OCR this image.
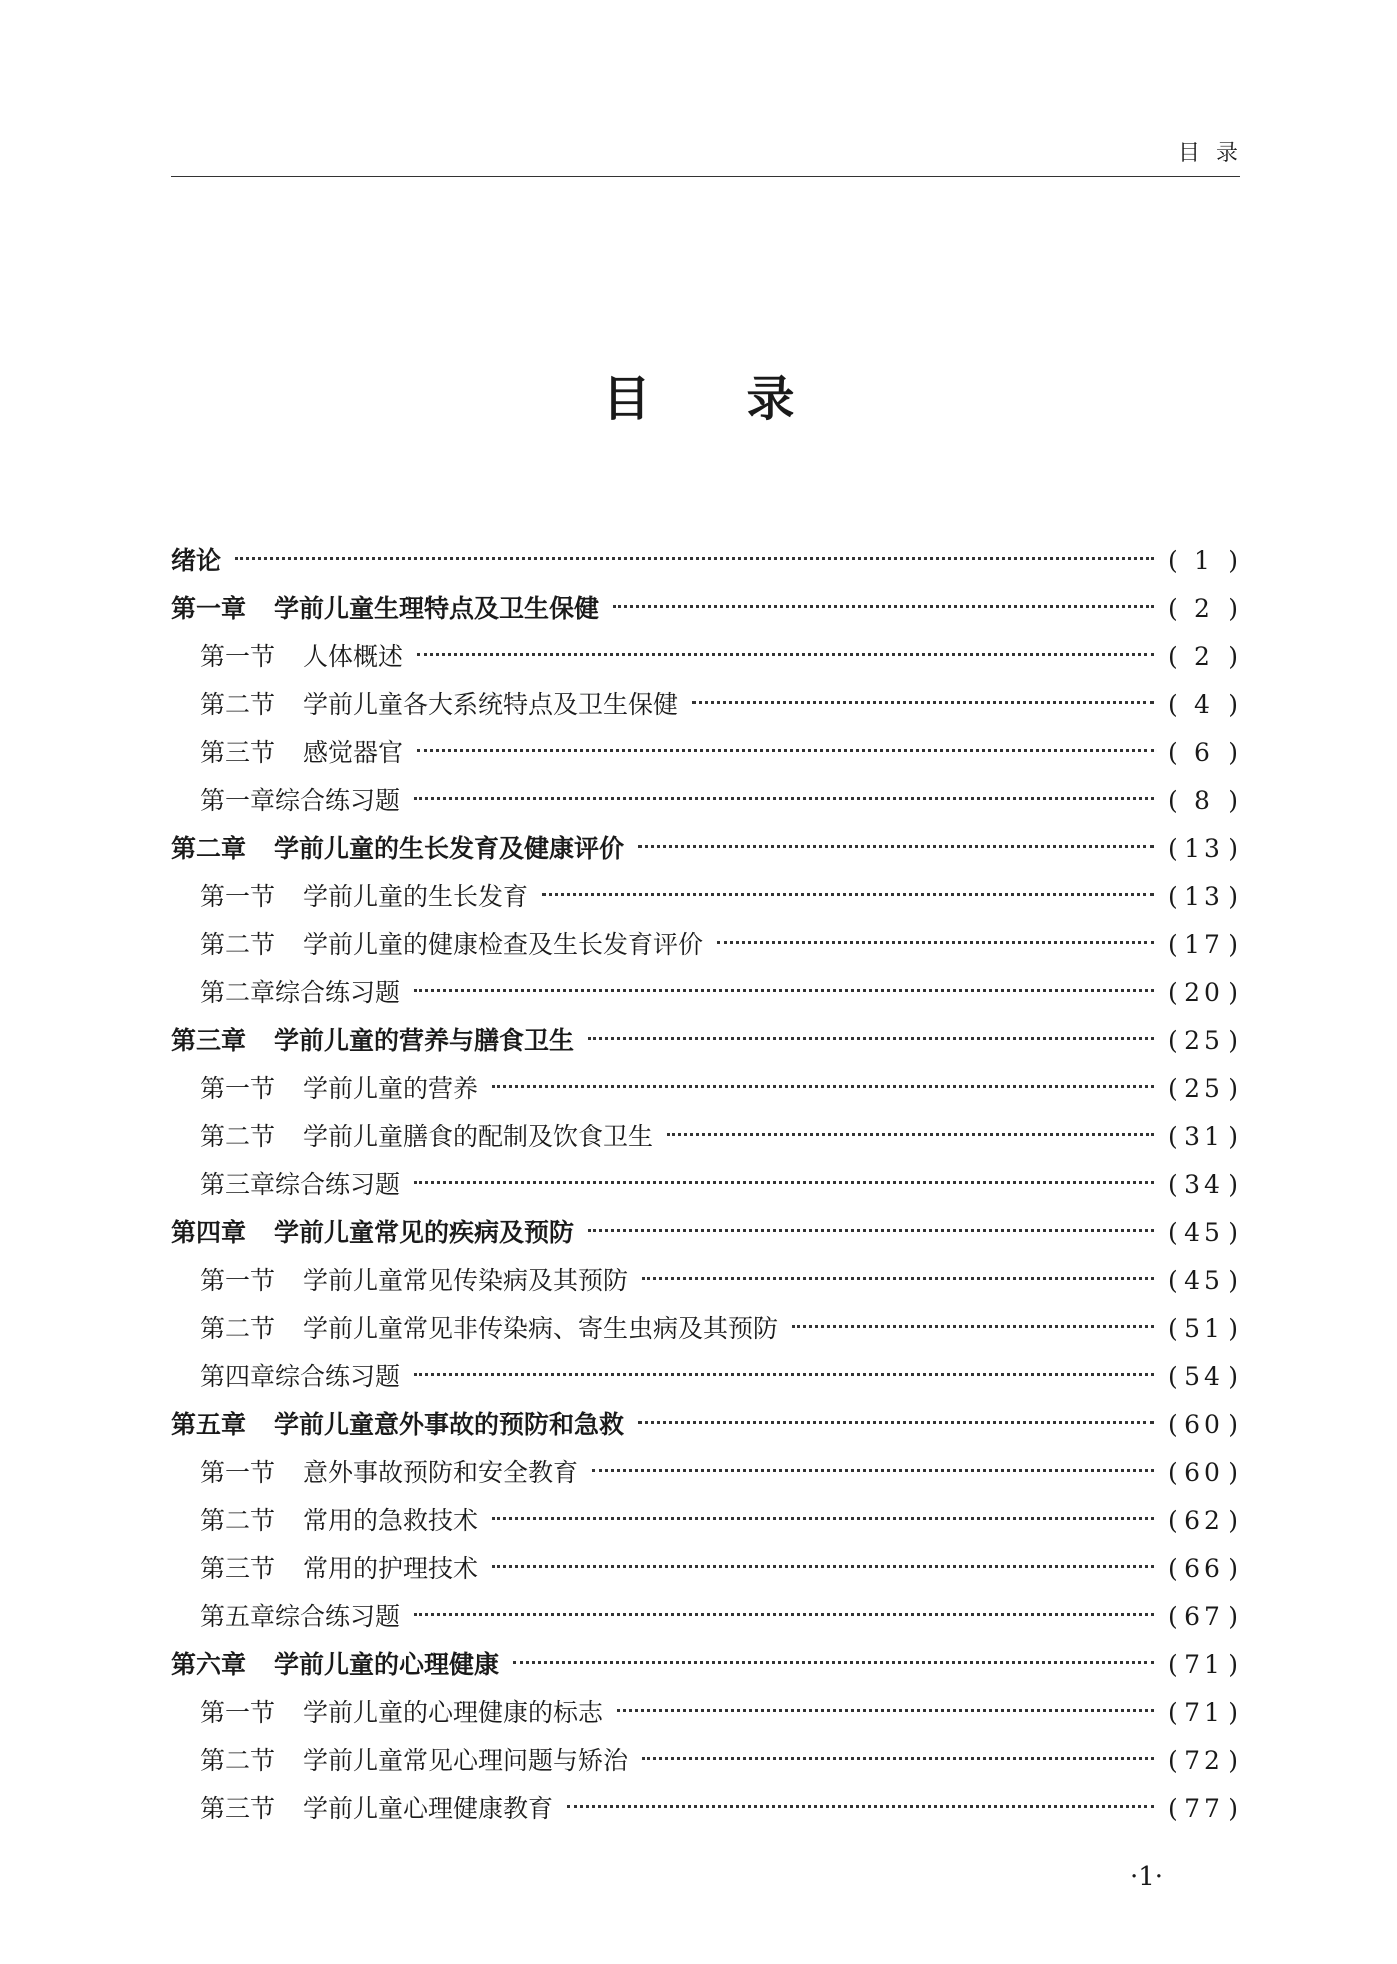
目录
目录
绪论	( 1 )
第一章 学前儿童生理特点及卫生保健	( 2 )
第一节 人体概述	( 2 )
第二节 学前儿童各大系统特点及卫生保健	( 4 )
第三节 感觉器官	( 6 )
第一章综合练习题	( 8 )
第二章 学前儿童的生长发育及健康评价	( 13 )
第一节 学前儿童的生长发育	( 13 )
第二节 学前儿童的健康检查及生长发育评价	( 17 )
第二章综合练习题	( 20 )
第三章 学前儿童的营养与膳食卫生	( 25 )
第一节 学前儿童的营养	( 25 )
第二节 学前儿童膳食的配制及饮食卫生	( 31 )
第三章综合练习题	( 34 )
第四章 学前儿童常见的疾病及预防	( 45 )
第一节 学前儿童常见传染病及其预防	( 45 )
第二节 学前儿童常见非传染病、寄生虫病及其预防	( 51 )
第四章综合练习题	( 54 )
第五章 学前儿童意外事故的预防和急救	( 60 )
第一节 意外事故预防和安全教育	( 60 )
第二节 常用的急救技术	( 62 )
第三节 常用的护理技术	( 66 )
第五章综合练习题	( 67 )
第六章 学前儿童的心理健康	( 71 )
第一节 学前儿童的心理健康的标志	( 71 )
第二节 学前儿童常见心理问题与矫治	( 72 )
第三节 学前儿童心理健康教育	( 77 )
·1·
